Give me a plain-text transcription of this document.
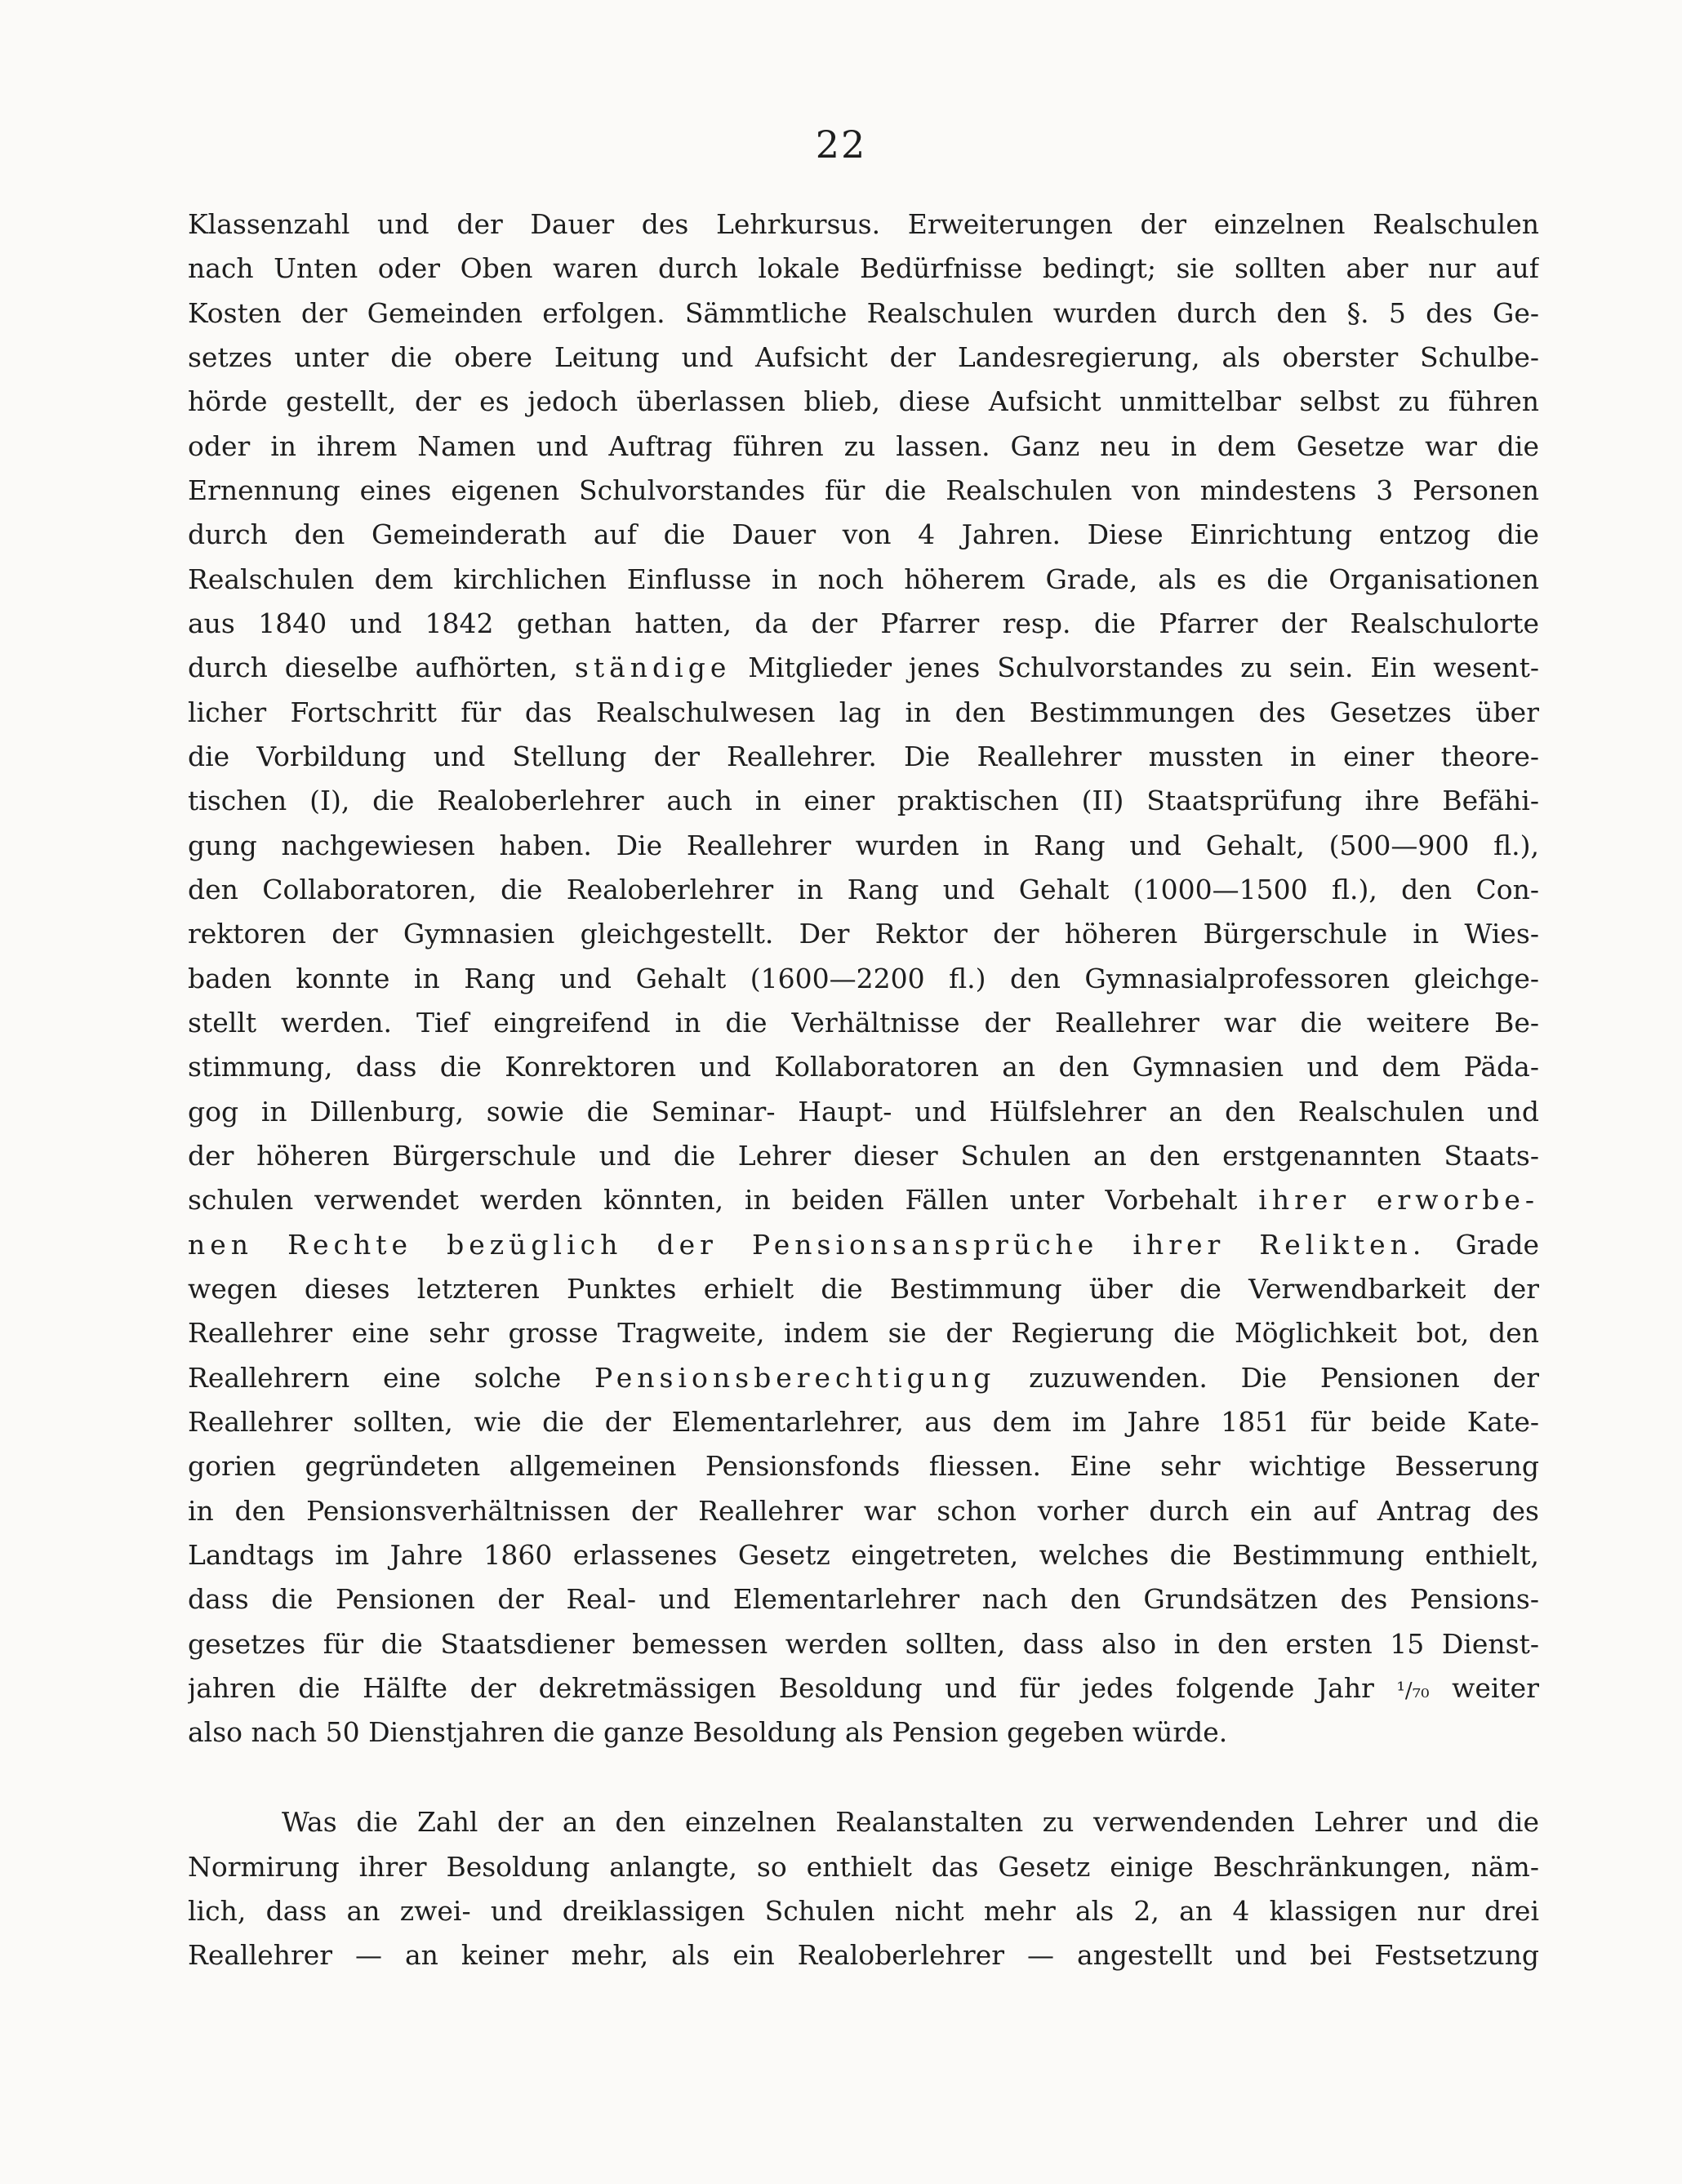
22
Klassenzahl und der Dauer des Lehrkursus. Erweiterungen der einzelnen Realschulen
nach Unten oder Oben waren durch lokale Bedürfnisse bedingt; sie sollten aber nur auf
Kosten der Gemeinden erfolgen. Sämmtliche Realschulen wurden durch den §. 5 des Ge-
setzes unter die obere Leitung und Aufsicht der Landesregierung, als oberster Schulbe-
hörde gestellt, der es jedoch überlassen blieb, diese Aufsicht unmittelbar selbst zu führen
oder in ihrem Namen und Auftrag führen zu lassen. Ganz neu in dem Gesetze war die
Ernennung eines eigenen Schulvorstandes für die Realschulen von mindestens 3 Personen
durch den Gemeinderath auf die Dauer von 4 Jahren. Diese Einrichtung entzog die
Realschulen dem kirchlichen Einflusse in noch höherem Grade, als es die Organisationen
aus 1840 und 1842 gethan hatten, da der Pfarrer resp. die Pfarrer der Realschulorte
durch dieselbe aufhörten, ständige Mitglieder jenes Schulvorstandes zu sein. Ein wesent-
licher Fortschritt für das Realschulwesen lag in den Bestimmungen des Gesetzes über
die Vorbildung und Stellung der Reallehrer. Die Reallehrer mussten in einer theore-
tischen (I), die Realoberlehrer auch in einer praktischen (II) Staatsprüfung ihre Befähi-
gung nachgewiesen haben. Die Reallehrer wurden in Rang und Gehalt, (500—900 fl.),
den Collaboratoren, die Realoberlehrer in Rang und Gehalt (1000—1500 fl.), den Con-
rektoren der Gymnasien gleichgestellt. Der Rektor der höheren Bürgerschule in Wies-
baden konnte in Rang und Gehalt (1600—2200 fl.) den Gymnasialprofessoren gleichge-
stellt werden. Tief eingreifend in die Verhältnisse der Reallehrer war die weitere Be-
stimmung, dass die Konrektoren und Kollaboratoren an den Gymnasien und dem Päda-
gog in Dillenburg, sowie die Seminar- Haupt- und Hülfslehrer an den Realschulen und
der höheren Bürgerschule und die Lehrer dieser Schulen an den erstgenannten Staats-
schulen verwendet werden könnten, in beiden Fällen unter Vorbehalt ihrer erworbe-
nen Rechte bezüglich der Pensionsansprüche ihrer Relikten. Grade
wegen dieses letzteren Punktes erhielt die Bestimmung über die Verwendbarkeit der
Reallehrer eine sehr grosse Tragweite, indem sie der Regierung die Möglichkeit bot, den
Reallehrern eine solche Pensionsberechtigung zuzuwenden. Die Pensionen der
Reallehrer sollten, wie die der Elementarlehrer, aus dem im Jahre 1851 für beide Kate-
gorien gegründeten allgemeinen Pensionsfonds fliessen. Eine sehr wichtige Besserung
in den Pensionsverhältnissen der Reallehrer war schon vorher durch ein auf Antrag des
Landtags im Jahre 1860 erlassenes Gesetz eingetreten, welches die Bestimmung enthielt,
dass die Pensionen der Real- und Elementarlehrer nach den Grundsätzen des Pensions-
gesetzes für die Staatsdiener bemessen werden sollten, dass also in den ersten 15 Dienst-
jahren die Hälfte der dekretmässigen Besoldung und für jedes folgende Jahr ¹/₇₀ weiter
also nach 50 Dienstjahren die ganze Besoldung als Pension gegeben würde.
Was die Zahl der an den einzelnen Realanstalten zu verwendenden Lehrer und die
Normirung ihrer Besoldung anlangte, so enthielt das Gesetz einige Beschränkungen, näm-
lich, dass an zwei- und dreiklassigen Schulen nicht mehr als 2, an 4 klassigen nur drei
Reallehrer — an keiner mehr, als ein Realoberlehrer — angestellt und bei Festsetzung
